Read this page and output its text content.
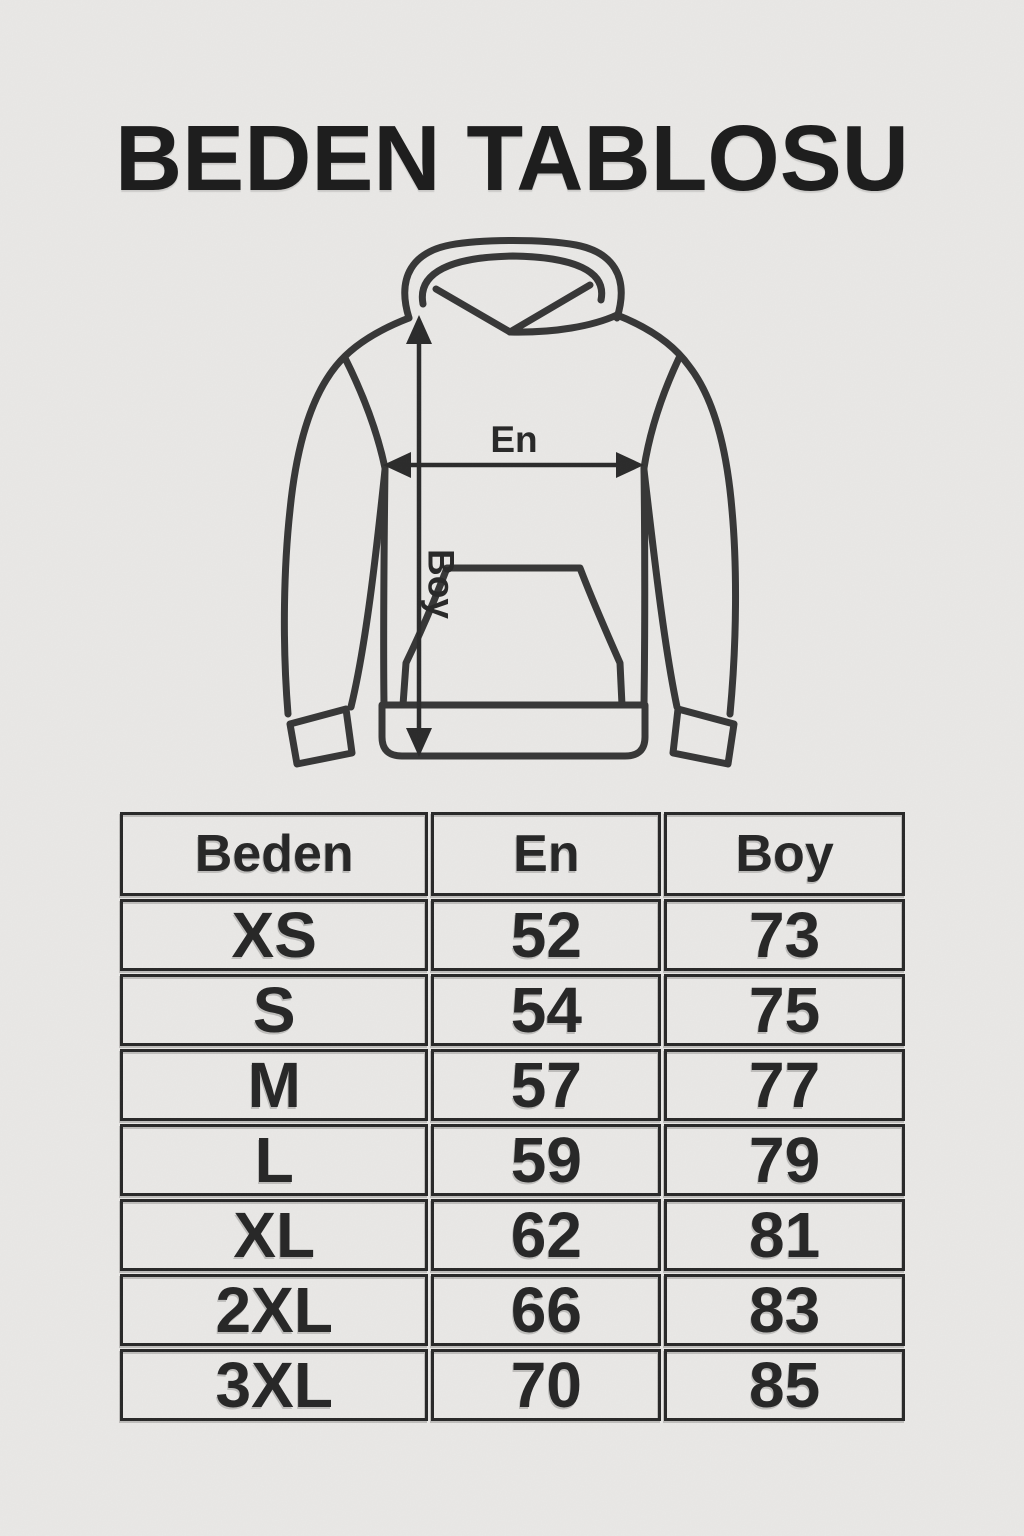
BEDEN TABLOSU
En
Boy
Beden	En	Boy
XS	52	73
S	54	75
M	57	77
L	59	79
XL	62	81
2XL	66	83
3XL	70	85
